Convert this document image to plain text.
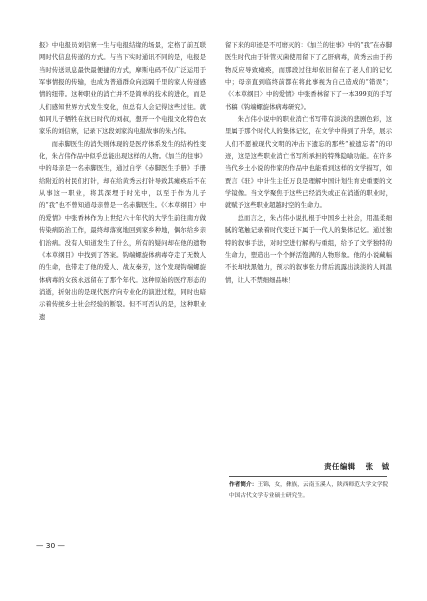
报》中电报员刘信寨一生与电报结缘的场景，定格了前互联网时代信息传递的方式。与当下实时通讯不同的是，电报是当时传送讯息最快最便捷的方式，摩斯电码不仅广泛运用于军事情报的传输，也成为普通群众向远隔千里的家人传递感情的纽带。这种职业的消亡并不是简单的技术的进化，而是人们感知世界方式发生变化，但总有人会记得这些过往。就如同儿子牺牲在抗日时代的刘叔，想开一个电报文化特色农家乐的刘信寨，记录下这段刘家沟电报故事的朱占伟。

而赤脚医生的消失则体现的是医疗体系发生的结构性变化，朱占伟作品中似乎总能出现这样的人物。《加兰的往事》中的母亲是一名赤脚医生，通过自学《赤脚医生手册》手册给附近的村民们打针，却在给黄秀云打针导致其瘫痪后不在从事这一职业，将其深埋于时光中，以至于作为儿子的“我”也不曾知道母亲曾是一名赤脚医生。《〈本草纲目〉中的爱情》中张香林作为上世纪六十年代的大学生前往南方做传染病防治工作，最终却落寞地回到家乡种地，偶尔给乡亲们治病。没有人知道发生了什么，所有的疑问却在他的遗物《本草纲目》中找到了答案。钩端螺旋体病毒夺走了无数人的生命，也带走了他的爱人、战友秦芳，这个发现钩端螺旋体病毒的女孩永远留在了那个年代。这种原始的医疗形态的消逝，折射出的是现代医疗向专业化的演进过程，同时也暗示着传统乡土社会经验的断裂。但不可否认的是，这种职业遗

留下来的印迹是不可磨灭的：《加兰的往事》中的“我”在赤脚医生时代由于针管灭菌使用留下了乙肝病毒，黄秀云由于药物反应导致瘫痪，而那段过往却依旧留在了老人们的记忆中；母亲直到临终前都在将此事视为自己造成的“错误”；《〈本草纲目〉中的爱情》中张香林留下了一本399页的手写书稿《钩端螺旋体病毒研究》。

朱占伟小说中的职业消亡书写带有淡淡的悲剧色彩，这里属于那个时代人的集体记忆，在文学中得到了升华，展示人们不愿被现代文明的冲击下遗忘的那些“被遗忘者”的印迹，这是这些职业消亡书写所承担的特殊隐喻功能。在许多当代乡土小说的作家的作品中也能看到这样的文学描写，如贾言《驻》中计生主任万良是理解中国计划生育史重要的文学镜像。当文学聚焦于这些已经消失或正在消逝的职业时，就赋予这些职业超越时空的生命力。

总而言之，朱占伟小说扎根于中国乡土社会，用温柔细腻的笔触记录着时代变迁下属于一代人的集体记忆。通过独特的叙事手法，对时空进行解构与重组，给予了文学独特的生命力，塑造出一个个鲜活饱满的人物形象。他的小说藏幅不长却扶黑勉力，预示的叙事张力背后流露出淡淡的人间温情，让人不禁细细品味！

责任编辑 张 钺
作者简介：王锦，女，彝族，云南玉溪人，陕西师范大学文学院中国古代文学专业硕士研究生。
— 30 —
